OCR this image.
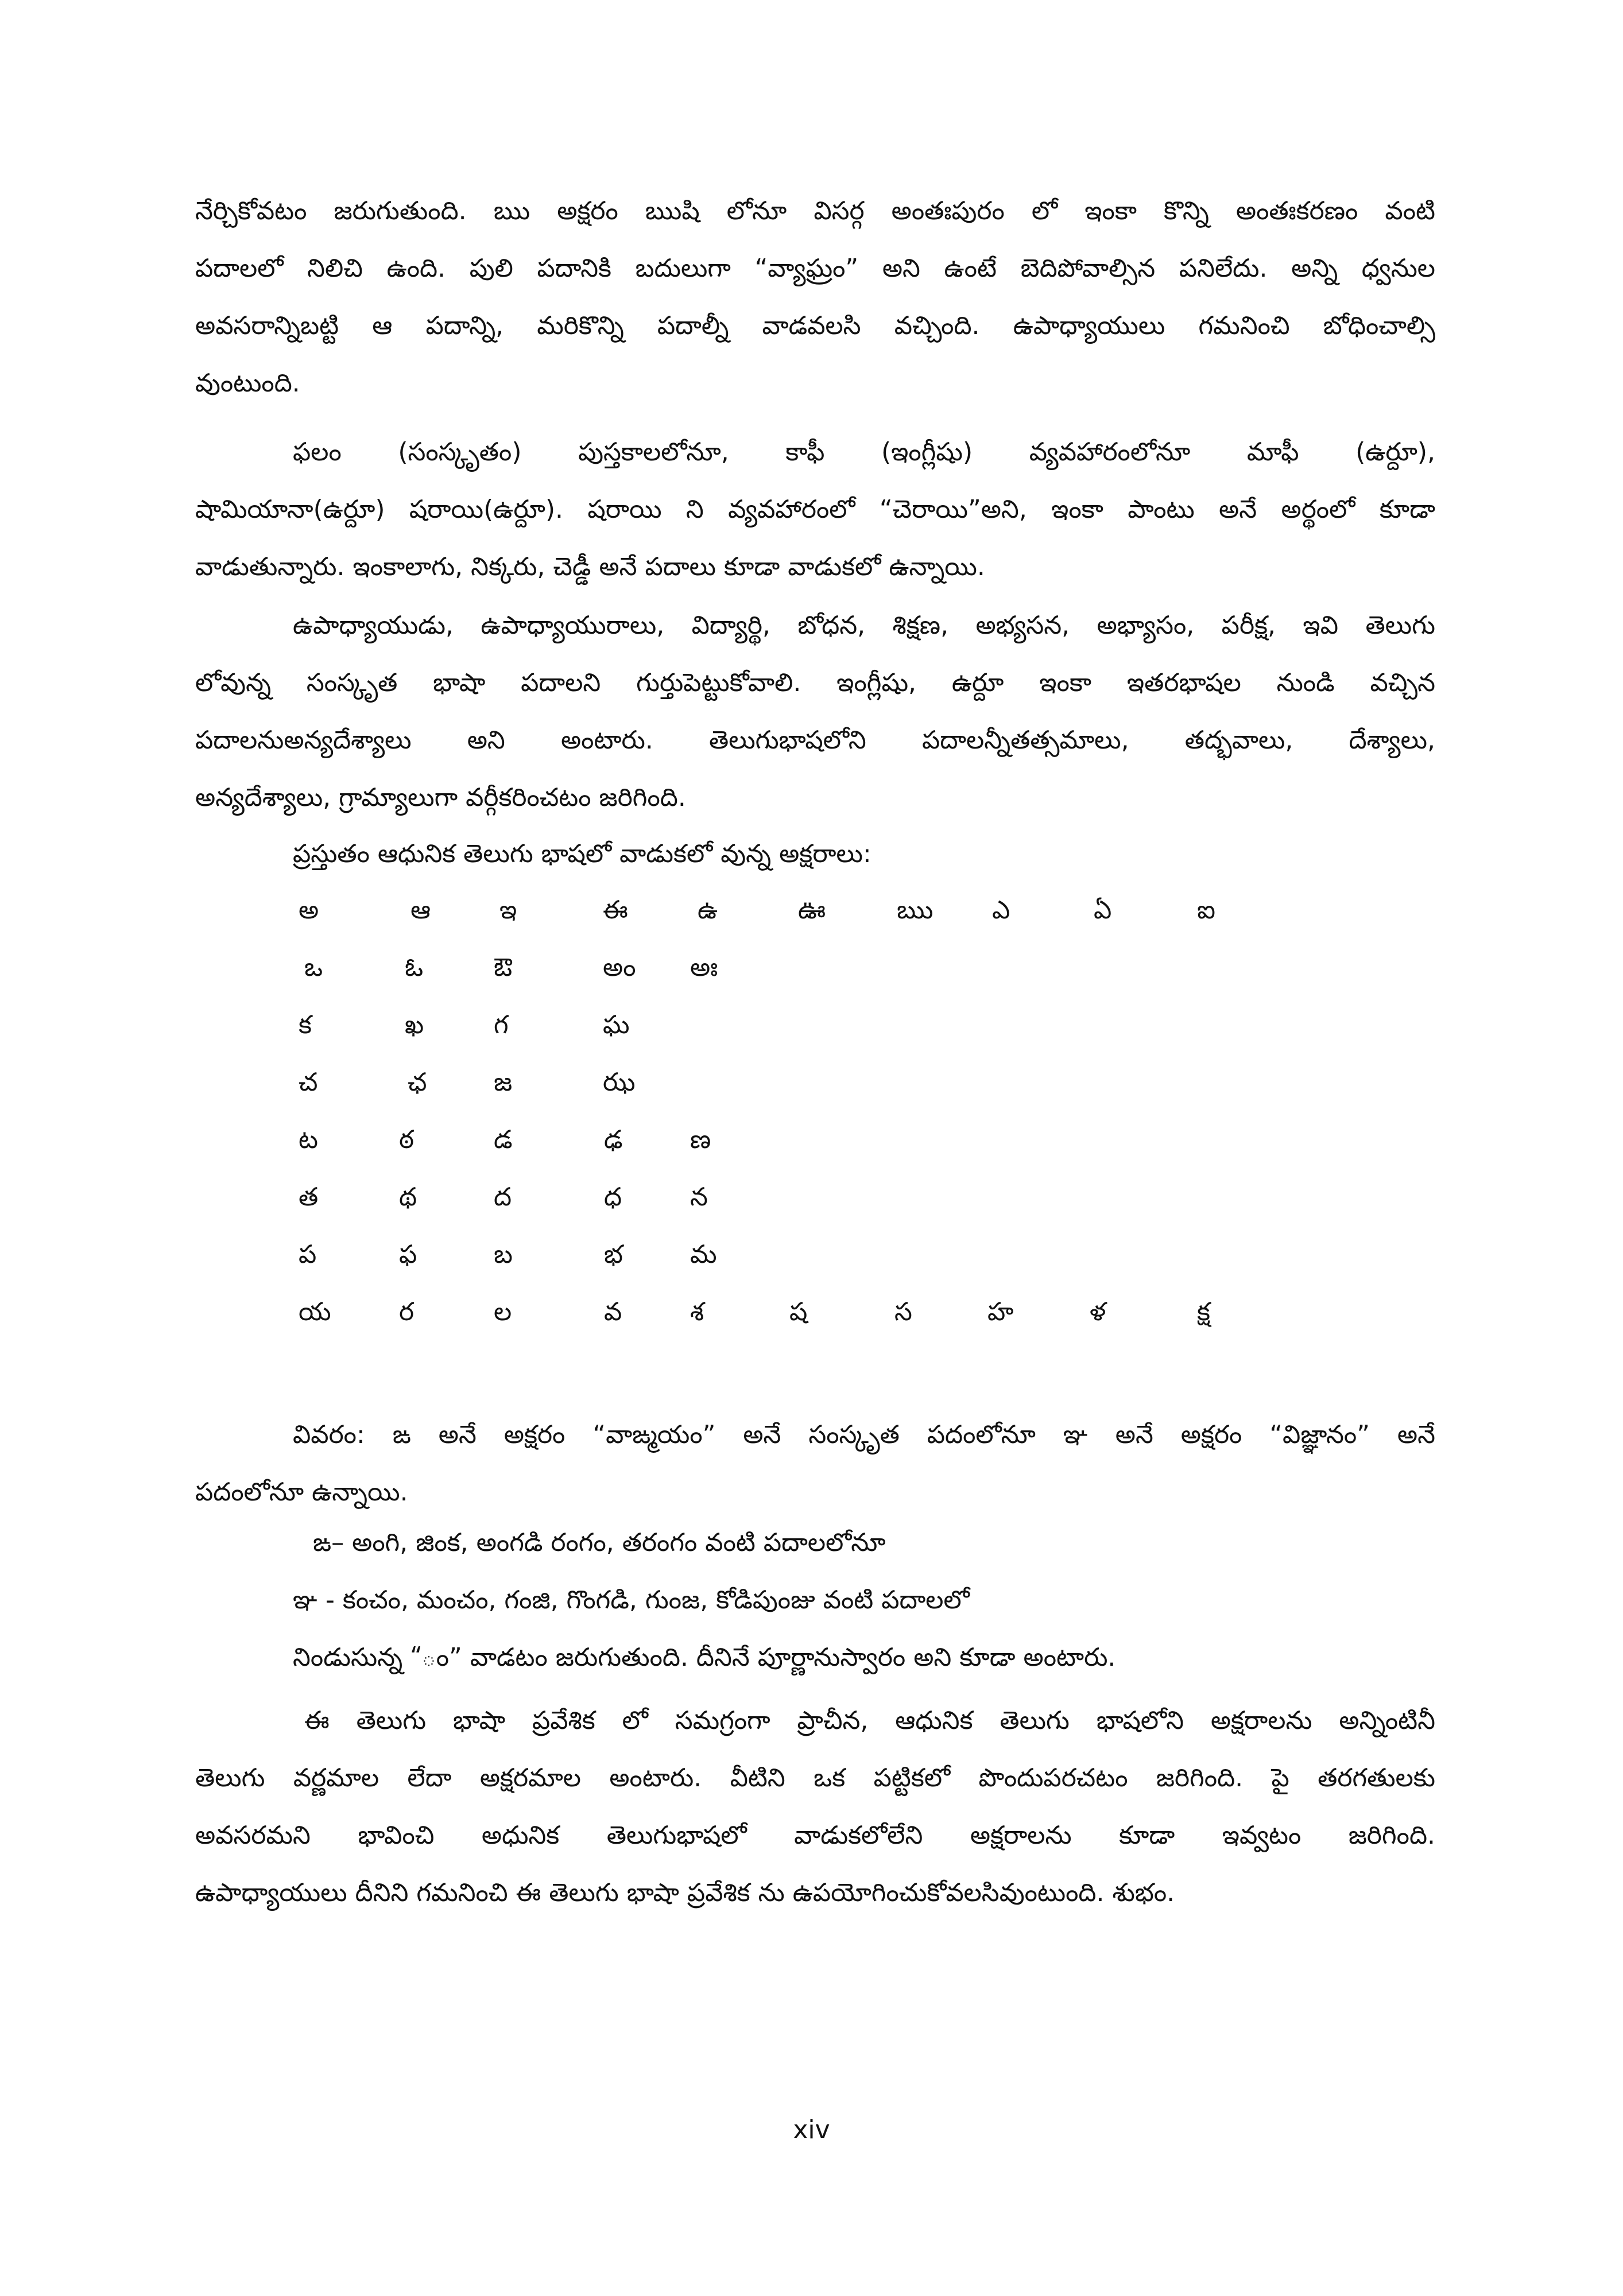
నేర్చికోవటం జరుగుతుంది. ఋ అక్షరం ఋషి లోనూ విసర్గ అంతఃపురం లో ఇంకా కొన్ని అంతఃకరణం వంటి
పదాలలో నిలిచి ఉంది. పులి పదానికి బదులుగా “వ్యాఘ్రం” అని ఉంటే బెదిపోవాల్సిన పనిలేదు. అన్ని ధ్వనుల
అవసరాన్నిబట్టి ఆ పదాన్ని, మరికొన్ని పదాల్నీ వాడవలసి వచ్చింది. ఉపాధ్యాయులు గమనించి బోధించాల్సి
వుంటుంది.
ఫలం (సంస్కృతం) పుస్తకాలలోనూ, కాఫీ (ఇంగ్లీషు) వ్యవహారంలోనూ మాఫీ (ఉర్దూ),
షామియానా(ఉర్దూ) షరాయి(ఉర్దూ). షరాయి ని వ్యవహారంలో “చెరాయి”అని, ఇంకా పాంటు అనే అర్థంలో కూడా
వాడుతున్నారు. ఇంకాలాగు, నిక్కరు, చెడ్డీ అనే పదాలు కూడా వాడుకలో ఉన్నాయి.
ఉపాధ్యాయుడు, ఉపాధ్యాయురాలు, విద్యార్థి, బోధన, శిక్షణ, అభ్యసన, అభ్యాసం, పరీక్ష, ఇవి తెలుగు
లోవున్న సంస్కృత భాషా పదాలని గుర్తుపెట్టుకోవాలి. ఇంగ్లీషు, ఉర్దూ ఇంకా ఇతరభాషల నుండి వచ్చిన
పదాలనుఅన్యదేశ్యాలు అని అంటారు. తెలుగుభాషలోని పదాలన్నీతత్సమాలు, తద్భవాలు, దేశ్యాలు,
అన్యదేశ్యాలు, గ్రామ్యాలుగా వర్గీకరించటం జరిగింది.
ప్రస్తుతం ఆధునిక తెలుగు భాషలో వాడుకలో వున్న అక్షరాలు:
అ	ఆ	ఇ	ఈ	ఉ	ఊ	ఋ ఎ	ఏ	ఐ
ఒ	ఓ	ఔ	అం అః
క	ఖ	గ	ఘ
చ	ఛ	జ	ఝ
ట	ఠ	డ	ఢ	ణ
త	థ	ద	ధ	న
ప	ఫ	బ	భ	మ
య	ర	ల	వ	శ	ష	స	హ	ళ	క్ష
వివరం: ఙ అనే అక్షరం “వాఙ్మయం” అనే సంస్కృత పదంలోనూ ఞ అనే అక్షరం “విజ్ఞానం” అనే
పదంలోనూ ఉన్నాయి.
ఙ– అంగి, జింక, అంగడి రంగం, తరంగం వంటి పదాలలోనూ
ఞ - కంచం, మంచం, గంజి, గొంగడి, గుంజ, కోడిపుంజు వంటి పదాలలో
నిండుసున్న “ం” వాడటం జరుగుతుంది. దీనినే పూర్ణానుస్వారం అని కూడా అంటారు.
ఈ తెలుగు భాషా ప్రవేశిక లో సమగ్రంగా ప్రాచీన, ఆధునిక తెలుగు భాషలోని అక్షరాలను అన్నింటినీ
తెలుగు వర్ణమాల లేదా అక్షరమాల అంటారు. వీటిని ఒక పట్టికలో పొందుపరచటం జరిగింది. పై తరగతులకు
అవసరమని భావించి అధునిక తెలుగుభాషలో వాడుకలోలేని అక్షరాలను కూడా ఇవ్వటం జరిగింది.
ఉపాధ్యాయులు దీనిని గమనించి ఈ తెలుగు భాషా ప్రవేశిక ను ఉపయోగించుకోవలసివుంటుంది. శుభం.
xiv
